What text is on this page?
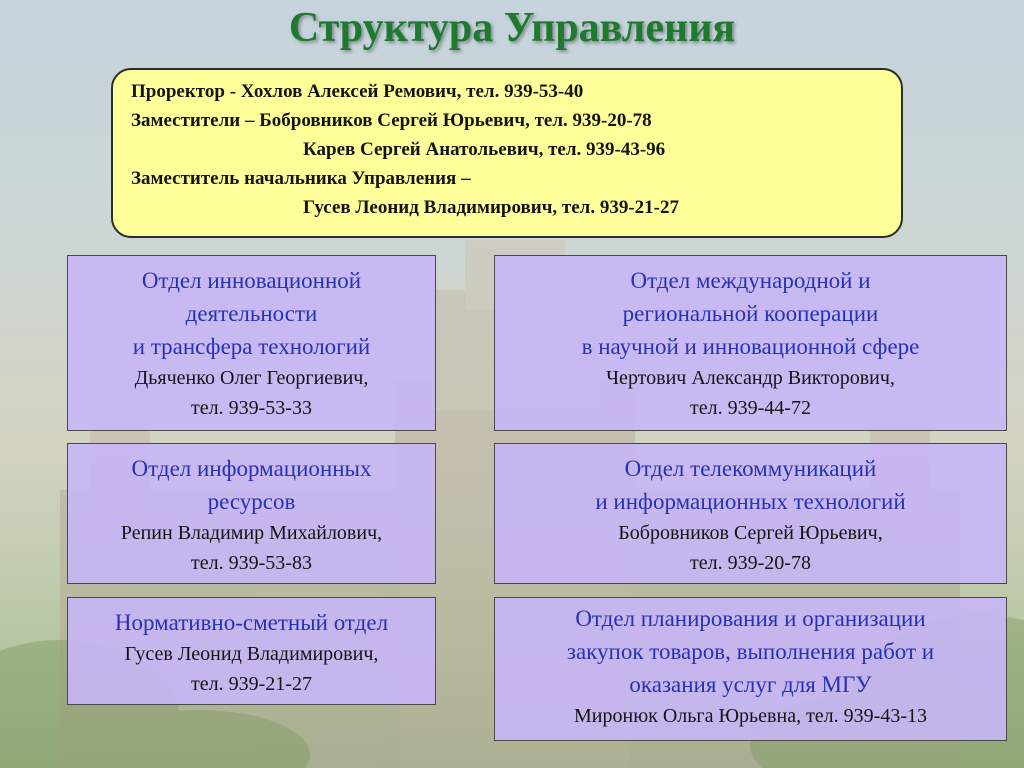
Структура Управления
Проректор - Хохлов Алексей Ремович, тел. 939-53-40
Заместители – Бобровников Сергей Юрьевич, тел. 939-20-78
Карев Сергей Анатольевич, тел. 939-43-96
Заместитель начальника Управления –
Гусев Леонид Владимирович, тел. 939-21-27
Отдел инновационной
деятельности
и трансфера технологий
Дьяченко Олег Георгиевич,
тел. 939-53-33
Отдел международной и
региональной кооперации
в научной и инновационной сфере
Чертович Александр Викторович,
тел. 939-44-72
Отдел информационных
ресурсов
Репин Владимир Михайлович,
тел. 939-53-83
Отдел телекоммуникаций
и информационных технологий
Бобровников Сергей Юрьевич,
тел. 939-20-78
Нормативно-сметный отдел
Гусев Леонид Владимирович,
тел. 939-21-27
Отдел планирования и организации
закупок товаров, выполнения работ и
оказания услуг для МГУ
Миронюк Ольга Юрьевна, тел. 939-43-13
